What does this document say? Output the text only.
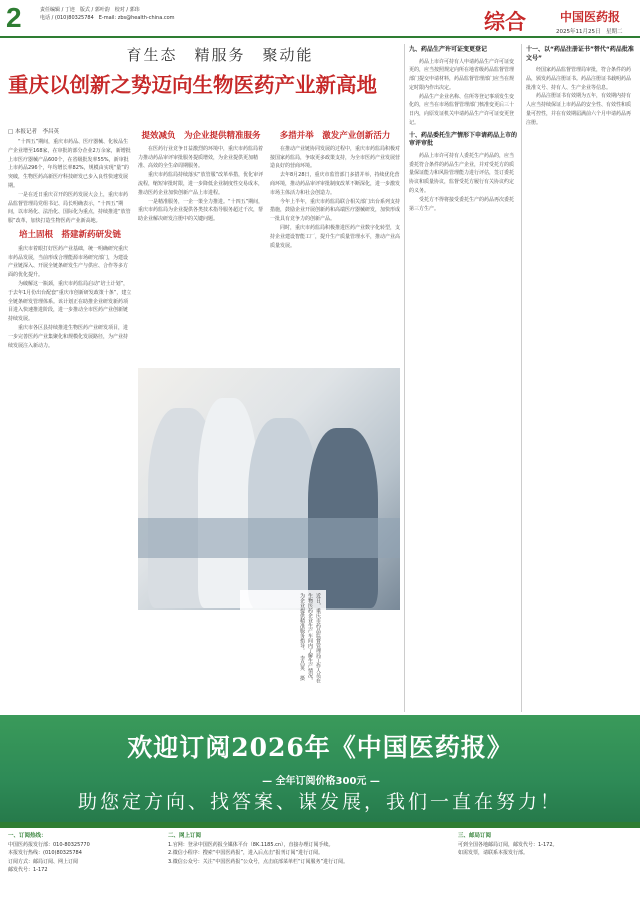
2	责任编辑 / 丁迹　版式 / 郭叶韵　校对 / 郭玮
电话 / (010)80325784　E-mail: zbs@health-china.com	综合	中国医药报
2025年11月25日　星期二
育生态　精服务　聚动能
重庆以创新之势迈向生物医药产业新高地
□ 本报记者　李昌英

“十四五”期间，重庆市药品、医疗器械、化妆品生产企业增至168家，在审批的部分企业2万余家，新增批上市医疗器械产品600个，在省级批发率55%，新审批上市药品296个，年均增长率82%，规模由实现“量”的突破，生物医药高新医疗科技研发已步入良性快速发展期。

一是在近日重庆召开的医药发展大会上，重庆市药品监督管理局党组书记、局长明确表示，“十四五”期间，以市场化、法治化、国际化为重点，持续推进“放管服”改革，加快打造生物医药产业新高地。

培土固根　搭建新药研发链

重庆市着眼打好医药产业基础，统一明确研究重庆市药品发展，当前形成合理能源市场研究部门，为建设产业链深入、开展全链条研发生产与供应、合作等多方面的优化提升。

为破解这一瓶颈，重庆市药监局启动“培土计划”，于去年1月份出台配套“重庆市创新研发政策十条”，建立全链条研发管理体系。该计划正在助推企业研发新药项目进入快速推进阶段，进一步推动全市医药产业创新链持续发展。

重庆市各区县持续推进生物医药产业研发项目，进一步完善医药产业集聚化和规模化发展路径，为产业持续发展注入新动力。

提效减负　为企业提供精准服务

在医药行业竞争日益激烈的环境中，重庆市药监局着力推动药品审评审批服务提质增效，为企业提供更加精准、高效的全生命周期服务。

重庆市药监局持续落实“放管服”改革举措，优化审评流程，缩短审批时限，进一步降低企业制度性交易成本，推动医药企业加快创新产品上市进程。

一是精准服务，一企一策全力推进。“十四五”期间，重庆市药监局为企业提供各类技术指导服务超过千次，帮助企业解决研发注册中的关键问题。

多措并举　激发产业创新活力

在推动产业链协同发展的过程中，重庆市药监局积极对接国家药监局，争取更多政策支持，为全市医药产业发展营造良好的营商环境。

去年8月28日，重庆市监管部门多措并举，持续优化营商环境，推动药品审评审批制度改革不断深化，进一步激发市场主体活力和社会创造力。

今年上半年，重庆市药监局联合相关部门出台系列支持措施，鼓励企业开展创新药和高端医疗器械研发，加快形成一批具有竞争力的创新产品。

同时，重庆市药监局积极推进医药产业数字化转型，支持企业建设智能工厂，提升生产质量管理水平，推动产业高质量发展。

近日，重庆市药品监督管理局工作人员在生物医药企业生产车间内了解生产情况，为企业提供精准服务指导。　李昌英　摄
九、药品生产许可证变更登记

药品上市许可持有人申请药品生产许可证变更的，应当按照规定向所在地省级药品监督管理部门提交申请材料，药品监督管理部门应当在规定时限内作出决定。

药品生产企业名称、住所等登记事项发生变化的，应当在市场监督管理部门核准变更后三十日内，向原发证机关申请药品生产许可证变更登记。

十、药品委托生产情形下申请药品上市的审评审批

药品上市许可持有人委托生产药品的，应当委托符合条件的药品生产企业，并对受托方的质量保证能力和风险管理能力进行评估，签订委托协议和质量协议，监督受托方履行有关协议约定的义务。

受托方不得将接受委托生产的药品再次委托第三方生产。

十一、以“药品注册证书”替代“药品批准文号”

经国家药品监督管理局审批，符合条件的药品，颁发药品注册证书。药品注册证书载明药品批准文号、持有人、生产企业等信息。

药品注册证书有效期为五年，有效期内持有人应当持续保证上市药品的安全性、有效性和质量可控性，并在有效期届满前六个月申请药品再注册。

欢迎订阅2026年《中国医药报》
— 全年订阅价格300元 —
助您定方向、找答案、谋发展，我们一直在努力！
一、订阅热线：
中国医药报发行部：010-80325770
本报发行热线：(010)80325784
订阅方式：邮局订阅、网上订阅
邮发代号：1-172
二、网上订阅
1.官网：登录中国医药报全媒体平台（8K.1185.cn），直接办理订阅手续。
2.微信小程序：搜索“中国医药报”，进入后点击“报刊订阅”进行订阅。
3.微信公众号：关注“中国医药报”公众号，点击底部菜单栏“订阅服务”进行订阅。
三、邮局订阅
可到全国各地邮局订阅，邮发代号：1-172。
如需发票，请联系本报发行部。
